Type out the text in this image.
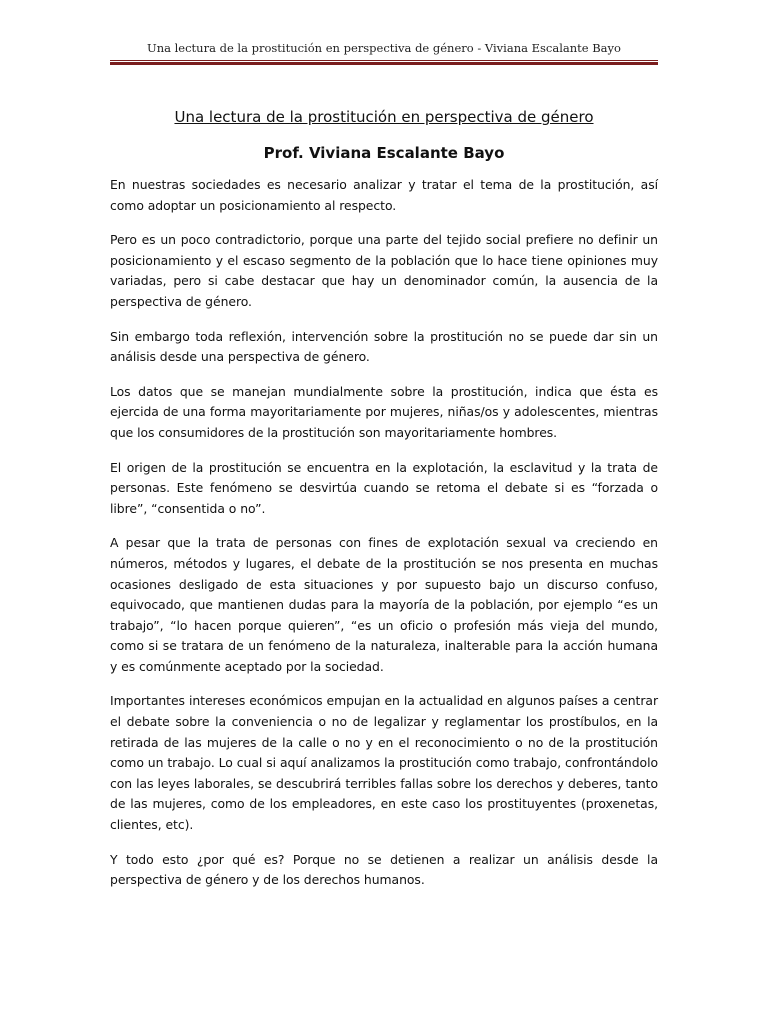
Una lectura de la prostitución en perspectiva de género - Viviana Escalante Bayo
Una lectura de la prostitución en perspectiva de género

Prof. Viviana Escalante Bayo

En nuestras sociedades es necesario analizar y tratar el tema de la prostitución, así como adoptar un posicionamiento al respecto.

Pero es un poco contradictorio, porque una parte del tejido social prefiere no definir un posicionamiento y el escaso segmento de la población que lo hace tiene opiniones muy variadas, pero si cabe destacar que hay un denominador común, la ausencia de la perspectiva de género.

Sin embargo toda reflexión, intervención sobre la prostitución no se puede dar sin un análisis desde una perspectiva de género.

Los datos que se manejan mundialmente sobre la prostitución, indica que ésta es ejercida de una forma mayoritariamente por mujeres, niñas/os y adolescentes, mientras que los consumidores de la prostitución son mayoritariamente hombres.

El origen de la prostitución se encuentra en la explotación, la esclavitud y la trata de personas. Este fenómeno se desvirtúa cuando se retoma el debate si es “forzada o libre”, “consentida o no”.

A pesar que la trata de personas con fines de explotación sexual va creciendo en números, métodos y lugares, el debate de la prostitución se nos presenta en muchas ocasiones desligado de esta situaciones y por supuesto bajo un discurso confuso, equivocado, que mantienen dudas para la mayoría de la población, por ejemplo “es un trabajo”, “lo hacen porque quieren”, “es un oficio o profesión más vieja del mundo, como si se tratara de un fenómeno de la naturaleza, inalterable para la acción humana y es comúnmente aceptado por la sociedad.

Importantes intereses económicos empujan en la actualidad en algunos países a centrar el debate sobre la conveniencia o no de legalizar y reglamentar los prostíbulos, en la retirada de las mujeres de la calle o no y en el reconocimiento o no de la prostitución como un trabajo. Lo cual si aquí analizamos la prostitución como trabajo, confrontándolo con las leyes laborales, se descubrirá terribles fallas sobre los derechos y deberes, tanto de las mujeres, como de los empleadores, en este caso los prostituyentes (proxenetas, clientes, etc).

Y todo esto ¿por qué es? Porque no se detienen a realizar un análisis desde la perspectiva de género y de los derechos humanos.
